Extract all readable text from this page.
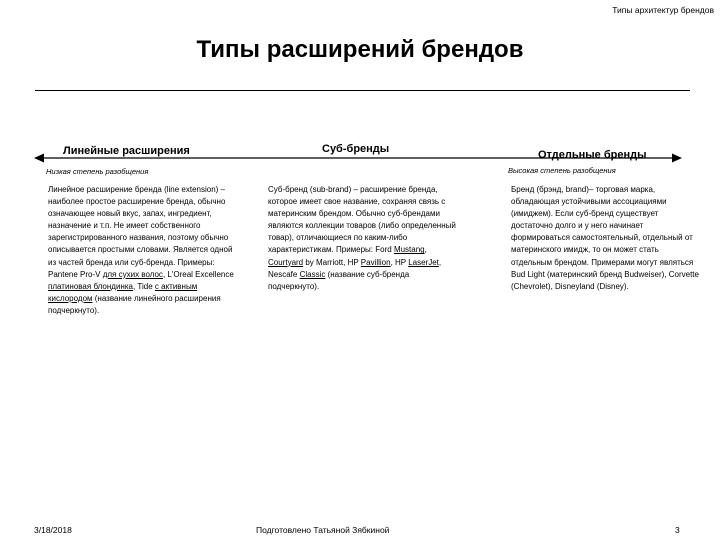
Типы архитектур брендов
Типы расширений брендов
Линейные расширения	Суб-бренды	Отдельные бренды
Низкая степень разобщения	Высокая степень разобщения
Линейное расширение бренда (line extension) – наиболее простое расширение бренда, обычно означающее новый вкус, запах, ингредиент, назначение и т.п. Не имеет собственного зарегистрированного названия, поэтому обычно описывается простыми словами. Является одной из частей бренда или суб-бренда. Примеры: Pantene Pro-V для сухих волос, L'Oreal Excellence платиновая блондинка, Tide с активным кислородом (название линейного расширения подчеркнуто).
Суб-бренд (sub-brand) – расширение бренда, которое имеет свое название, сохраняя связь с материнским брендом. Обычно суб-брендами являются коллекции товаров (либо определенный товар), отличающиеся по каким-либо характеристикам. Примеры: Ford Mustang, Courtyard by Marriott, HP Pavillion, HP LaserJet, Nescafe Classic (название суб-бренда подчеркнуто).
Бренд (брэнд, brand)– торговая марка, обладающая устойчивыми ассоциациями (имиджем). Если суб-бренд существует достаточно долго и у него начинает формироваться самостоятельный, отдельный от материнского имидж, то он может стать отдельным брендом. Примерами могут являться Bud Light (материнский бренд Budweiser), Corvette (Chevrolet), Disneyland (Disney).
3/18/2018	Подготовлено Татьяной Зябкиной	3
